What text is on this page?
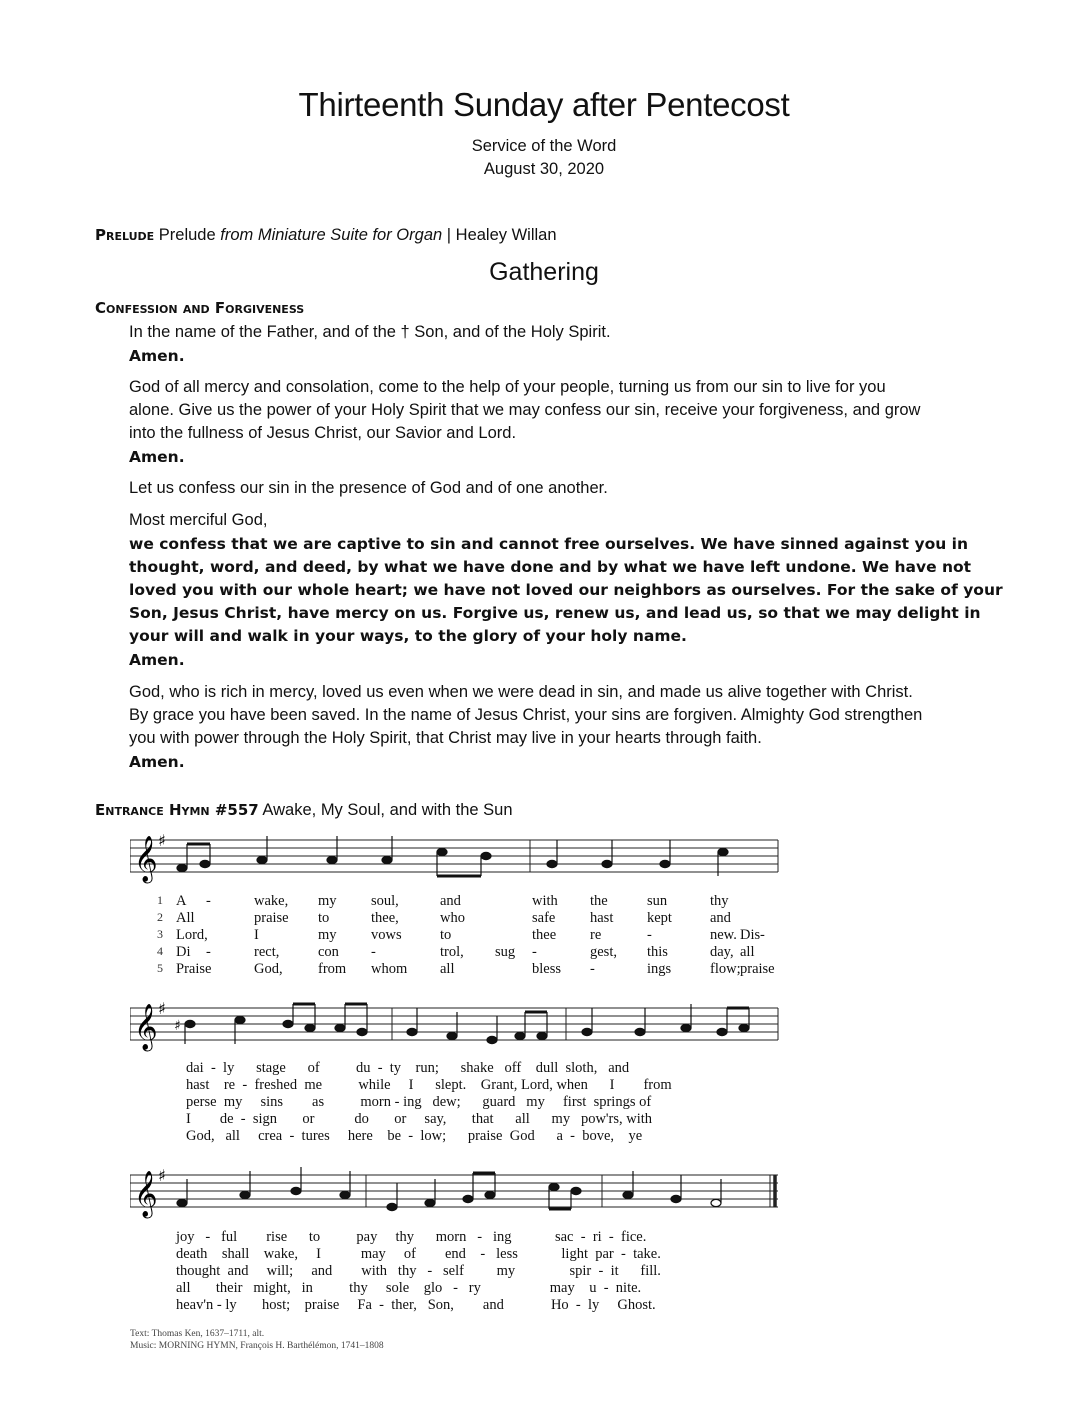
Thirteenth Sunday after Pentecost
Service of the Word
August 30, 2020
Prelude Prelude from Miniature Suite for Organ | Healey Willan
Gathering
Confession and Forgiveness
In the name of the Father, and of the † Son, and of the Holy Spirit.
Amen.
God of all mercy and consolation, come to the help of your people, turning us from our sin to live for you
alone. Give us the power of your Holy Spirit that we may confess our sin, receive your forgiveness, and grow
into the fullness of Jesus Christ, our Savior and Lord.
Amen.
Let us confess our sin in the presence of God and of one another.
Most merciful God,
we confess that we are captive to sin and cannot free ourselves. We have sinned against you in
thought, word, and deed, by what we have done and by what we have left undone. We have not
loved you with our whole heart; we have not loved our neighbors as ourselves. For the sake of your
Son, Jesus Christ, have mercy on us. Forgive us, renew us, and lead us, so that we may delight in
your will and walk in your ways, to the glory of your holy name.
Amen.
God, who is rich in mercy, loved us even when we were dead in sin, and made us alive together with Christ.
By grace you have been saved. In the name of Jesus Christ, your sins are forgiven. Almighty God strengthen
you with power through the Holy Spirit, that Christ may live in your hearts through faith.
Amen.
Entrance Hymn #557 Awake, My Soul, and with the Sun
𝄞 ♯
1
2
3
4
5
A -	wake, my soul,	and	with the	sun	thy
All	praise to	thee,	who	safe hast kept	and
Lord,	I	my vows	to	thee re	-	new. Dis -
Di -	rect,	con -	trol, sug -	gest, this	day, all
Praise	God, from whom all	bless -	ings	flow; praise
𝄞 ♯
♯
dai  -  ly      stage      of          du  -  ty    run;      shake   off    dull  sloth,   and
hast    re  -  freshed  me          while     I      slept.    Grant, Lord, when      I        from
perse  my     sins        as          morn - ing   dew;      guard   my     first  springs of
I        de  -  sign       or           do       or     say,       that      all      my   pow'rs, with
God,   all     crea  -  tures     here    be  -  low;      praise  God      a  -  bove,    ye
𝄞 ♯
joy   -   ful        rise      to          pay     thy      morn   -   ing            sac  -  ri  -  fice.
death    shall    wake,     I           may     of        end    -   less            light  par  -  take.
thought  and     will;     and        with   thy   -   self         my               spir  -  it      fill.
all       their   might,   in          thy     sole    glo   -   ry                   may    u  -  nite.
heav'n - ly       host;    praise     Fa  -  ther,   Son,        and             Ho  -  ly     Ghost.
Text: Thomas Ken, 1637–1711, alt.
Music: MORNING HYMN, François H. Barthélémon, 1741–1808
